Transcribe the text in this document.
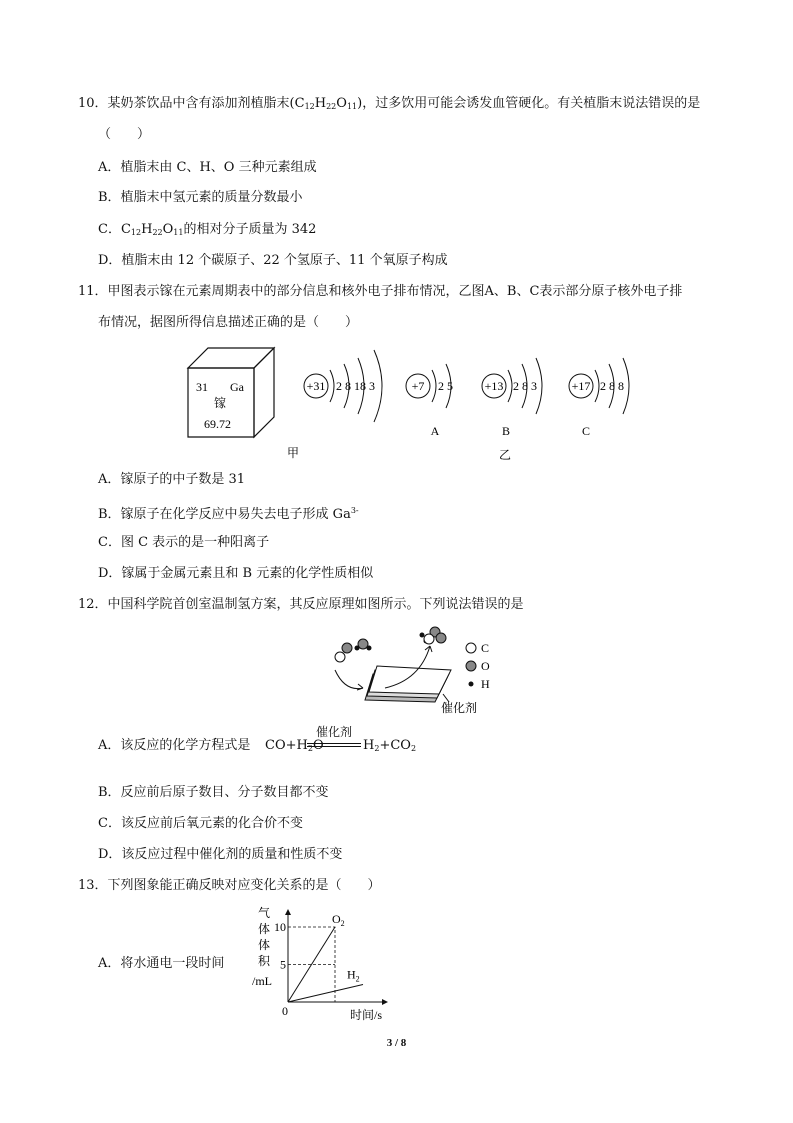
10．某奶茶饮品中含有添加剂植脂末$(C_{12}H_{22}O_{11})$，过多饮用可能会诱发血管硬化。有关植脂末说法错误的是
（　　）
A．植脂末由 C、H、O 三种元素组成
B．植脂末中氢元素的质量分数最小
C．$C_{12}H_{22}O_{11}$的相对分子质量为 342
D．植脂末由 12 个碳原子、22 个氢原子、11 个氧原子构成
11．甲图表示镓在元素周期表中的部分信息和核外电子排布情况，乙图A、B、C表示部分原子核外电子排
布情况，据图所得信息描述正确的是（　　）
31 Ga
镓
69.72
+31 2 8 18 3	+7 2 5
A
+13 2 8 3
B
+17 2 8 8
C
甲	乙
A．镓原子的中子数是 31
B．镓原子在化学反应中易失去电子形成 $Ga^{3-}$
C．图 C 表示的是一种阳离子
D．镓属于金属元素且和 B 元素的化学性质相似
12．中国科学院首创室温制氢方案，其反应原理如图所示。下列说法错误的是
C
O
H
催化剂
A．该反应的化学方程式是 $CO+H_2O$
催化剂
$H_2+CO_2$
B．反应前后原子数目、分子数目都不变
C．该反应前后氧元素的化合价不变
D．该反应过程中催化剂的质量和性质不变
13．下列图象能正确反映对应变化关系的是（　　）
A．将水通电一段时间
气体体积/mL
10
5
$O_2$
$H_2$
0	时间/s
3 / 8
